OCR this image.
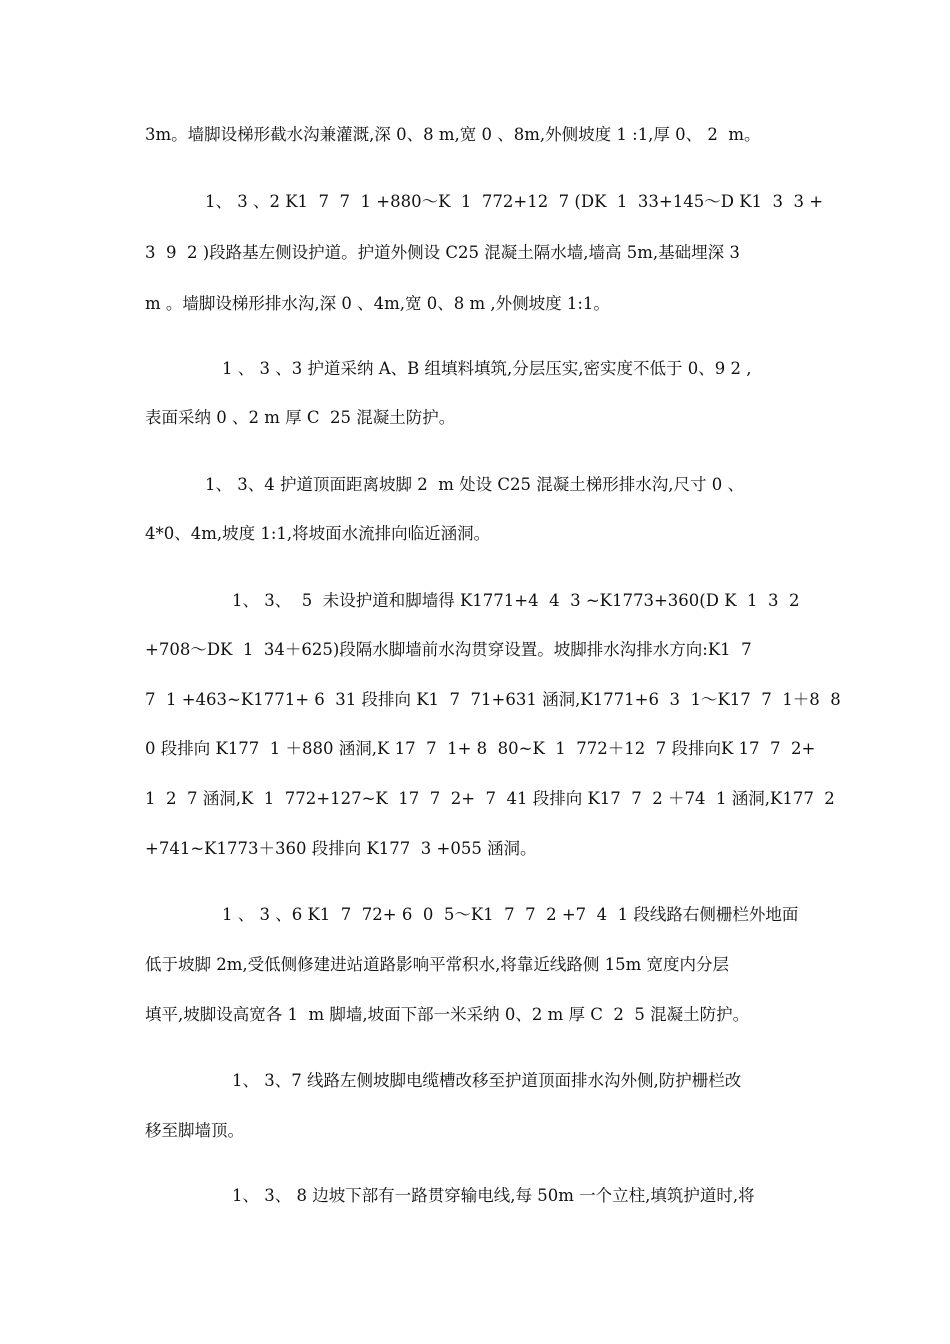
3m。墙脚设梯形截水沟兼灌溉,深 0、8 m,宽 0 、8m,外侧坡度 1 :1,厚 0、 2  m。
1、 3 、2 K1  7  7  1 +880～K  1  772+12  7 (DK  1  33+145～D K1  3  3 +
3  9  2 )段路基左侧设护道。护道外侧设 C25 混凝土隔水墙,墙高 5m,基础埋深 3
m 。墙脚设梯形排水沟,深 0 、4m,宽 0、8 m ,外侧坡度 1:1。
1 、 3 、3 护道采纳 A、B 组填料填筑,分层压实,密实度不低于 0、9 2 ,
表面采纳 0 、2 m 厚 C  25 混凝土防护。
1、 3、4 护道顶面距离坡脚 2  m 处设 C25 混凝土梯形排水沟,尺寸 0 、
4*0、4m,坡度 1:1,将坡面水流排向临近涵洞。
1、 3、  5  未设护道和脚墙得 K1771+4  4  3 ~K1773+360(D K  1  3  2
+708～DK  1  34＋625)段隔水脚墙前水沟贯穿设置。坡脚排水沟排水方向:K1  7
7  1 +463~K1771+ 6  31 段排向 K1  7  71+631 涵洞,K1771+6  3  1～K17  7  1＋8  8
0 段排向 K177  1 ＋880 涵洞,K 17  7  1+ 8  80~K  1  772＋12  7 段排向K 17  7  2+
1  2  7 涵洞,K  1  772+127~K  17  7  2+  7  41 段排向 K17  7  2 ＋74  1 涵洞,K177  2
+741~K1773＋360 段排向 K177  3 +055 涵洞。
1 、 3 、6 K1  7  72+ 6  0  5～K1  7  7  2 +7  4  1 段线路右侧栅栏外地面
低于坡脚 2m,受低侧修建进站道路影响平常积水,将靠近线路侧 15m 宽度内分层
填平,坡脚设高宽各 1  m 脚墙,坡面下部一米采纳 0、2 m 厚 C  2  5 混凝土防护。
1、 3、7 线路左侧坡脚电缆槽改移至护道顶面排水沟外侧,防护栅栏改
移至脚墙顶。
1、 3、 8 边坡下部有一路贯穿输电线,每 50m 一个立柱,填筑护道时,将
